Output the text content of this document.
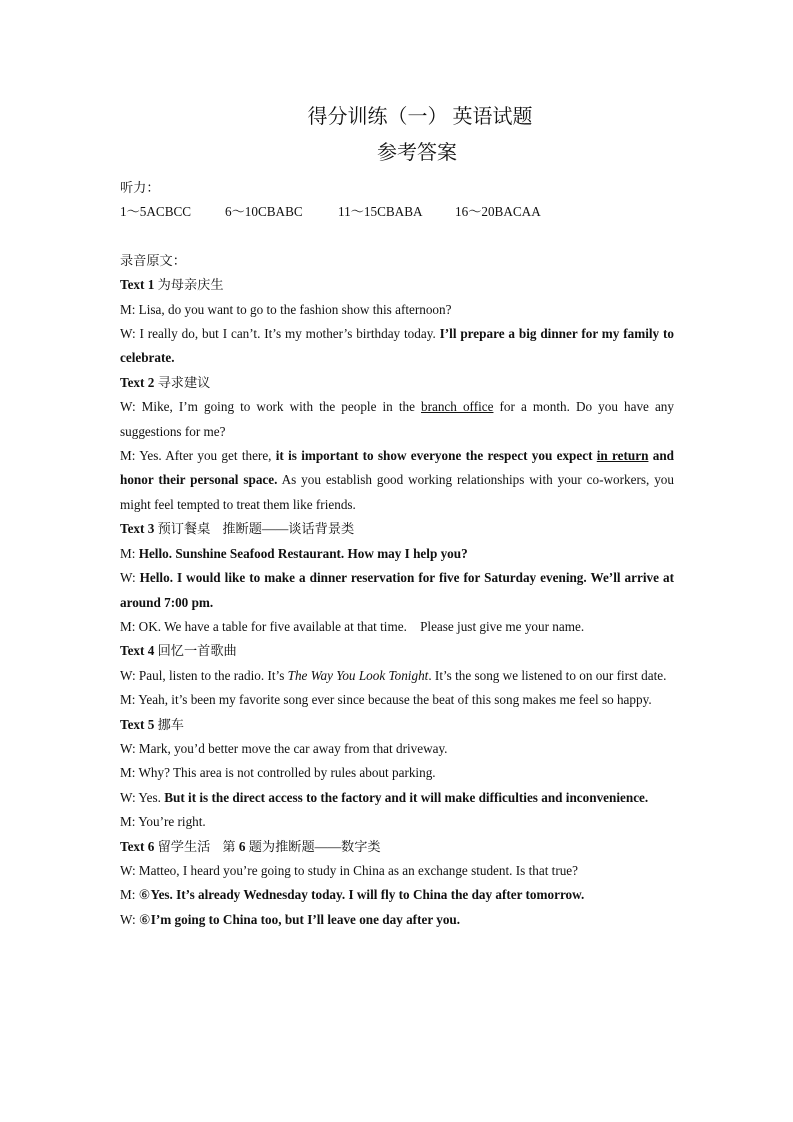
得分训练（一） 英语试题
参考答案

听力：

1～5ACBCC	6～10CBABC	11～15CBABA 16～20BACAA

录音原文：

Text 1 为母亲庆生

M: Lisa, do you want to go to the fashion show this afternoon?

W: I really do, but I can’t. It’s my mother’s birthday today. I’ll prepare a big dinner for my family to celebrate.

Text 2 寻求建议

W: Mike, I’m going to work with the people in the branch office for a month. Do you have any suggestions for me?

M: Yes. After you get there, it is important to show everyone the respect you expect in return and honor their personal space. As you establish good working relationships with your co-workers, you might feel tempted to treat them like friends.

Text 3 预订餐桌 推断题——谈话背景类

M: Hello. Sunshine Seafood Restaurant. How may I help you?

W: Hello. I would like to make a dinner reservation for five for Saturday evening. We’ll arrive at around 7:00 pm.

M: OK. We have a table for five available at that time.    Please just give me your name.

Text 4 回忆一首歌曲

W: Paul, listen to the radio. It’s The Way You Look Tonight. It’s the song we listened to on our first date.

M: Yeah, it’s been my favorite song ever since because the beat of this song makes me feel so happy.

Text 5 挪车

W: Mark, you’d better move the car away from that driveway.

M: Why? This area is not controlled by rules about parking.

W: Yes. But it is the direct access to the factory and it will make difficulties and inconvenience.

M: You’re right.

Text 6 留学生活 第 6 题为推断题——数字类

W: Matteo, I heard you’re going to study in China as an exchange student. Is that true?

M: ⑥Yes. It’s already Wednesday today. I will fly to China the day after tomorrow.

W: ⑥I’m going to China too, but I’ll leave one day after you.
